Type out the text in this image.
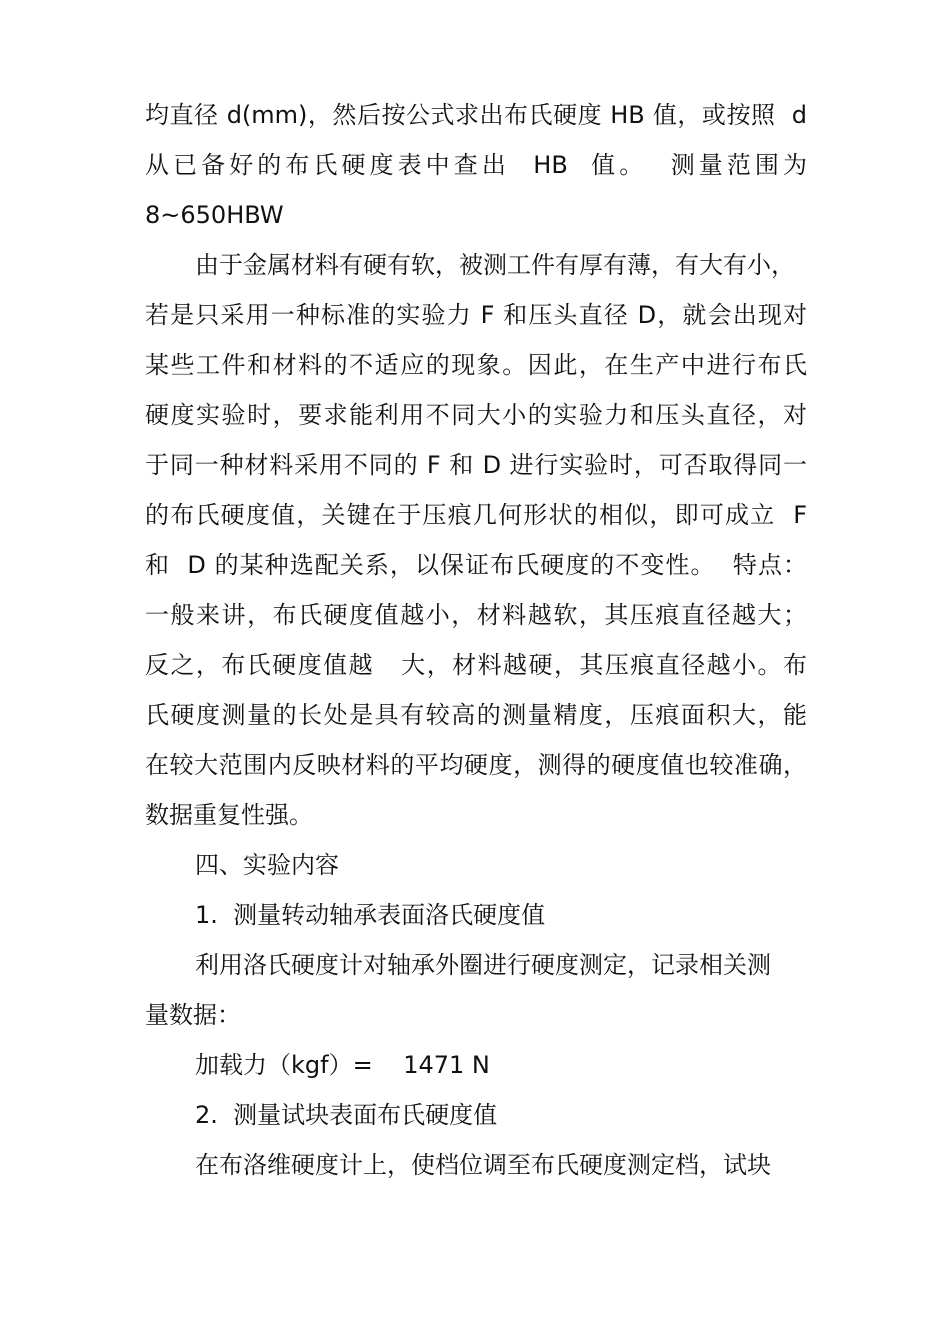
均直径 d(mm)，然后按公式求出布氏硬度 HB 值，或按照  d

从已备好的布氏硬度表中查出  HB  值。  测量范围为

8~650HBW

由于金属材料有硬有软，被测工件有厚有薄，有大有小，

若是只采用一种标准的实验力 F 和压头直径 D，就会出现对

某些工件和材料的不适应的现象。因此，在生产中进行布氏

硬度实验时，要求能利用不同大小的实验力和压头直径，对

于同一种材料采用不同的 F 和 D 进行实验时，可否取得同一

的布氏硬度值，关键在于压痕几何形状的相似，即可成立  F

和  D 的某种选配关系，以保证布氏硬度的不变性。  特点：

一般来讲，布氏硬度值越小，材料越软，其压痕直径越大；

反之，布氏硬度值越   大，材料越硬，其压痕直径越小。布

氏硬度测量的长处是具有较高的测量精度，压痕面积大，能

在较大范围内反映材料的平均硬度，测得的硬度值也较准确，

数据重复性强。

四、实验内容

1.  测量转动轴承表面洛氏硬度值

利用洛氏硬度计对轴承外圈进行硬度测定，记录相关测

量数据：

加载力（kgf）=    1471 N

2.  测量试块表面布氏硬度值

在布洛维硬度计上，使档位调至布氏硬度测定档，试块
